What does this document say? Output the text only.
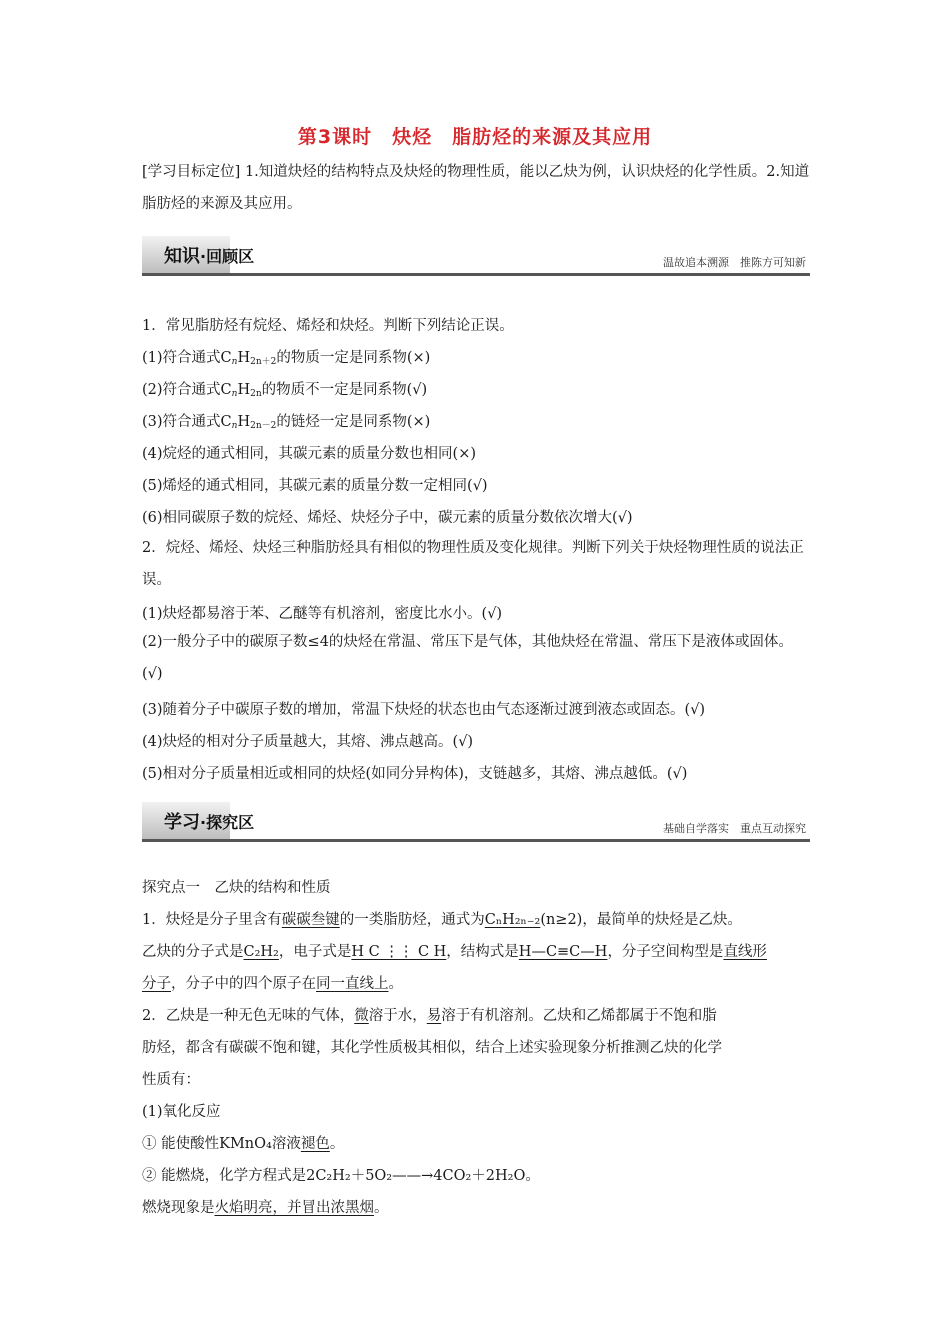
第3课时　炔烃　脂肪烃的来源及其应用
[学习目标定位] 1.知道炔烃的结构特点及炔烃的物理性质，能以乙炔为例，认识炔烃的化学性质。2.知道脂肪烃的来源及其应用。
知识·回顾区	温故追本溯源　推陈方可知新
1．常见脂肪烃有烷烃、烯烃和炔烃。判断下列结论正误。
(1)符合通式$C_nH_{2n+2}$的物质一定是同系物(×)
(2)符合通式$C_nH_{2n}$的物质不一定是同系物(√)
(3)符合通式$C_nH_{2n-2}$的链烃一定是同系物(×)
(4)烷烃的通式相同，其碳元素的质量分数也相同(×)
(5)烯烃的通式相同，其碳元素的质量分数一定相同(√)
(6)相同碳原子数的烷烃、烯烃、炔烃分子中，碳元素的质量分数依次增大(√)
2．烷烃、烯烃、炔烃三种脂肪烃具有相似的物理性质及变化规律。判断下列关于炔烃物理性质的说法正误。
(1)炔烃都易溶于苯、乙醚等有机溶剂，密度比水小。(√)
(2)一般分子中的碳原子数≤4的炔烃在常温、常压下是气体，其他炔烃在常温、常压下是液体或固体。(√)
(3)随着分子中碳原子数的增加，常温下炔烃的状态也由气态逐渐过渡到液态或固态。(√)
(4)炔烃的相对分子质量越大，其熔、沸点越高。(√)
(5)相对分子质量相近或相同的炔烃(如同分异构体)，支链越多，其熔、沸点越低。(√)
学习·探究区	基础自学落实　重点互动探究
探究点一　乙炔的结构和性质
1．炔烃是分子里含有碳碳叁键的一类脂肪烃，通式为CₙH₂ₙ₋₂(n≥2)，最简单的炔烃是乙炔。
乙炔的分子式是C₂H₂，电子式是H C ⋮⋮ C H，结构式是H—C≡C—H，分子空间构型是直线形
分子，分子中的四个原子在同一直线上。
2．乙炔是一种无色无味的气体，微溶于水，易溶于有机溶剂。乙炔和乙烯都属于不饱和脂
肪烃，都含有碳碳不饱和键，其化学性质极其相似，结合上述实验现象分析推测乙炔的化学
性质有：
(1)氧化反应
① 能使酸性KMnO₄溶液褪色。
② 能燃烧，化学方程式是2C₂H₂＋5O₂——→4CO₂＋2H₂O。
燃烧现象是火焰明亮，并冒出浓黑烟。
